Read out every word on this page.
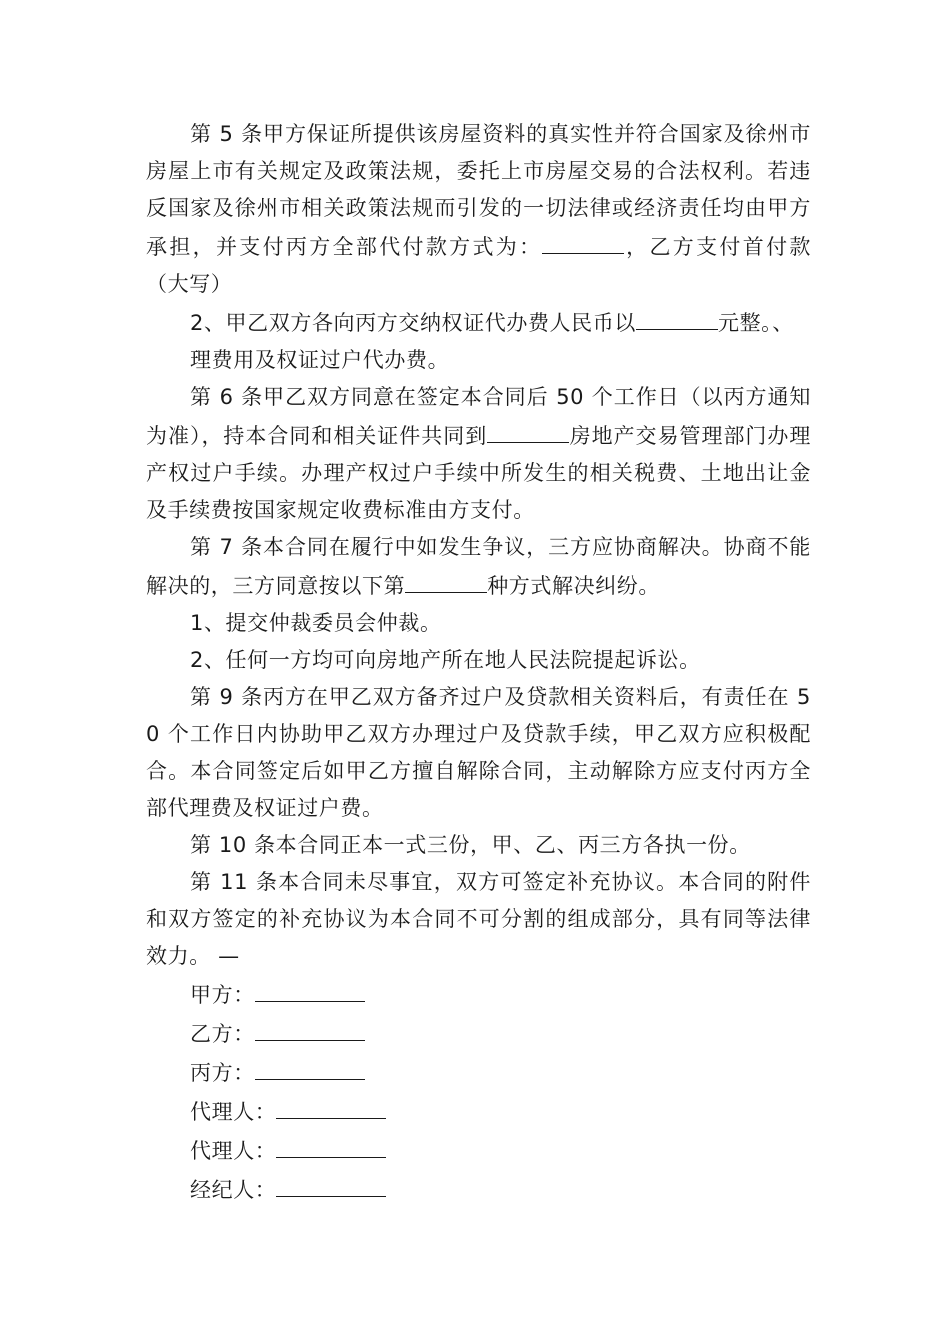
第 5 条甲方保证所提供该房屋资料的真实性并符合国家及徐州市房屋上市有关规定及政策法规，委托上市房屋交易的合法权利。若违反国家及徐州市相关政策法规而引发的一切法律或经济责任均由甲方承担，并支付丙方全部代付款方式为：	，乙方支付首付款（大写）

2、甲乙双方各向丙方交纳权证代办费人民币以	元整。、

理费用及权证过户代办费。

第 6 条甲乙双方同意在签定本合同后 50 个工作日（以丙方通知为准），持本合同和相关证件共同到	房地产交易管理部门办理产权过户手续。办理产权过户手续中所发生的相关税费、土地出让金及手续费按国家规定收费标准由方支付。

第 7 条本合同在履行中如发生争议，三方应协商解决。协商不能解决的，三方同意按以下第	种方式解决纠纷。

1、提交仲裁委员会仲裁。

2、任何一方均可向房地产所在地人民法院提起诉讼。

第 9 条丙方在甲乙双方备齐过户及贷款相关资料后，有责任在 50 个工作日内协助甲乙双方办理过户及贷款手续，甲乙双方应积极配合。本合同签定后如甲乙方擅自解除合同，主动解除方应支付丙方全部代理费及权证过户费。

第 10 条本合同正本一式三份，甲、乙、丙三方各执一份。

第 11 条本合同未尽事宜，双方可签定补充协议。本合同的附件和双方签定的补充协议为本合同不可分割的组成部分，具有同等法律效力。 —

甲方：

乙方：

丙方：

代理人：

代理人：

经纪人：
